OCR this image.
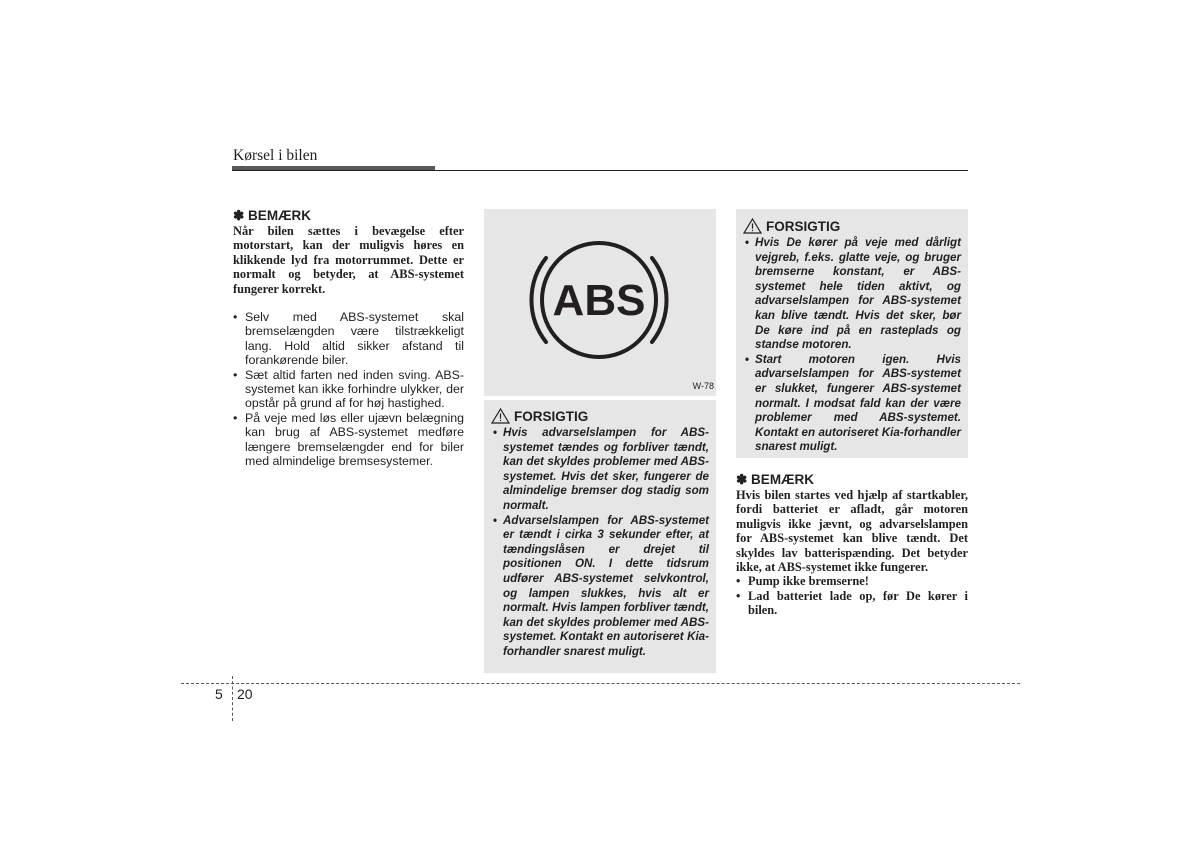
Kørsel i bilen
✽ BEMÆRK

Når bilen sættes i bevægelse efter motorstart, kan der muligvis høres en klikkende lyd fra motorrummet. Dette er normalt og betyder, at ABS-systemet fungerer korrekt.

• Selv med ABS-systemet skal bremselængden være tilstrækkeligt lang. Hold altid sikker afstand til forankørende biler.
• Sæt altid farten ned inden sving. ABS-systemet kan ikke forhindre ulykker, der opstår på grund af for høj hastighed.
• På veje med løs eller ujævn belægning kan brug af ABS-systemet medføre længere bremselængder end for biler med almindelige bremsesystemer.
ABS
W-78
FORSIGTIG
• Hvis advarselslampen for ABS-systemet tændes og forbliver tændt, kan det skyldes problemer med ABS-systemet. Hvis det sker, fungerer de almindelige bremser dog stadig som normalt.
• Advarselslampen for ABS-systemet er tændt i cirka 3 sekunder efter, at tændingslåsen er drejet til positionen ON. I dette tidsrum udfører ABS-systemet selvkontrol, og lampen slukkes, hvis alt er normalt. Hvis lampen forbliver tændt, kan det skyldes problemer med ABS-systemet. Kontakt en autoriseret Kia-forhandler snarest muligt.
FORSIGTIG
• Hvis De kører på veje med dårligt vejgreb, f.eks. glatte veje, og bruger bremserne konstant, er ABS-systemet hele tiden aktivt, og advarselslampen for ABS-systemet kan blive tændt. Hvis det sker, bør De køre ind på en rasteplads og standse motoren.
• Start motoren igen. Hvis advarselslampen for ABS-systemet er slukket, fungerer ABS-systemet normalt. I modsat fald kan der være problemer med ABS-systemet. Kontakt en autoriseret Kia-forhandler snarest muligt.
✽ BEMÆRK

Hvis bilen startes ved hjælp af startkabler, fordi batteriet er afladt, går motoren muligvis ikke jævnt, og advarselslampen for ABS-systemet kan blive tændt. Det skyldes lav batterispænding. Det betyder ikke, at ABS-systemet ikke fungerer.

• Pump ikke bremserne!
• Lad batteriet lade op, før De kører i bilen.
5 20
